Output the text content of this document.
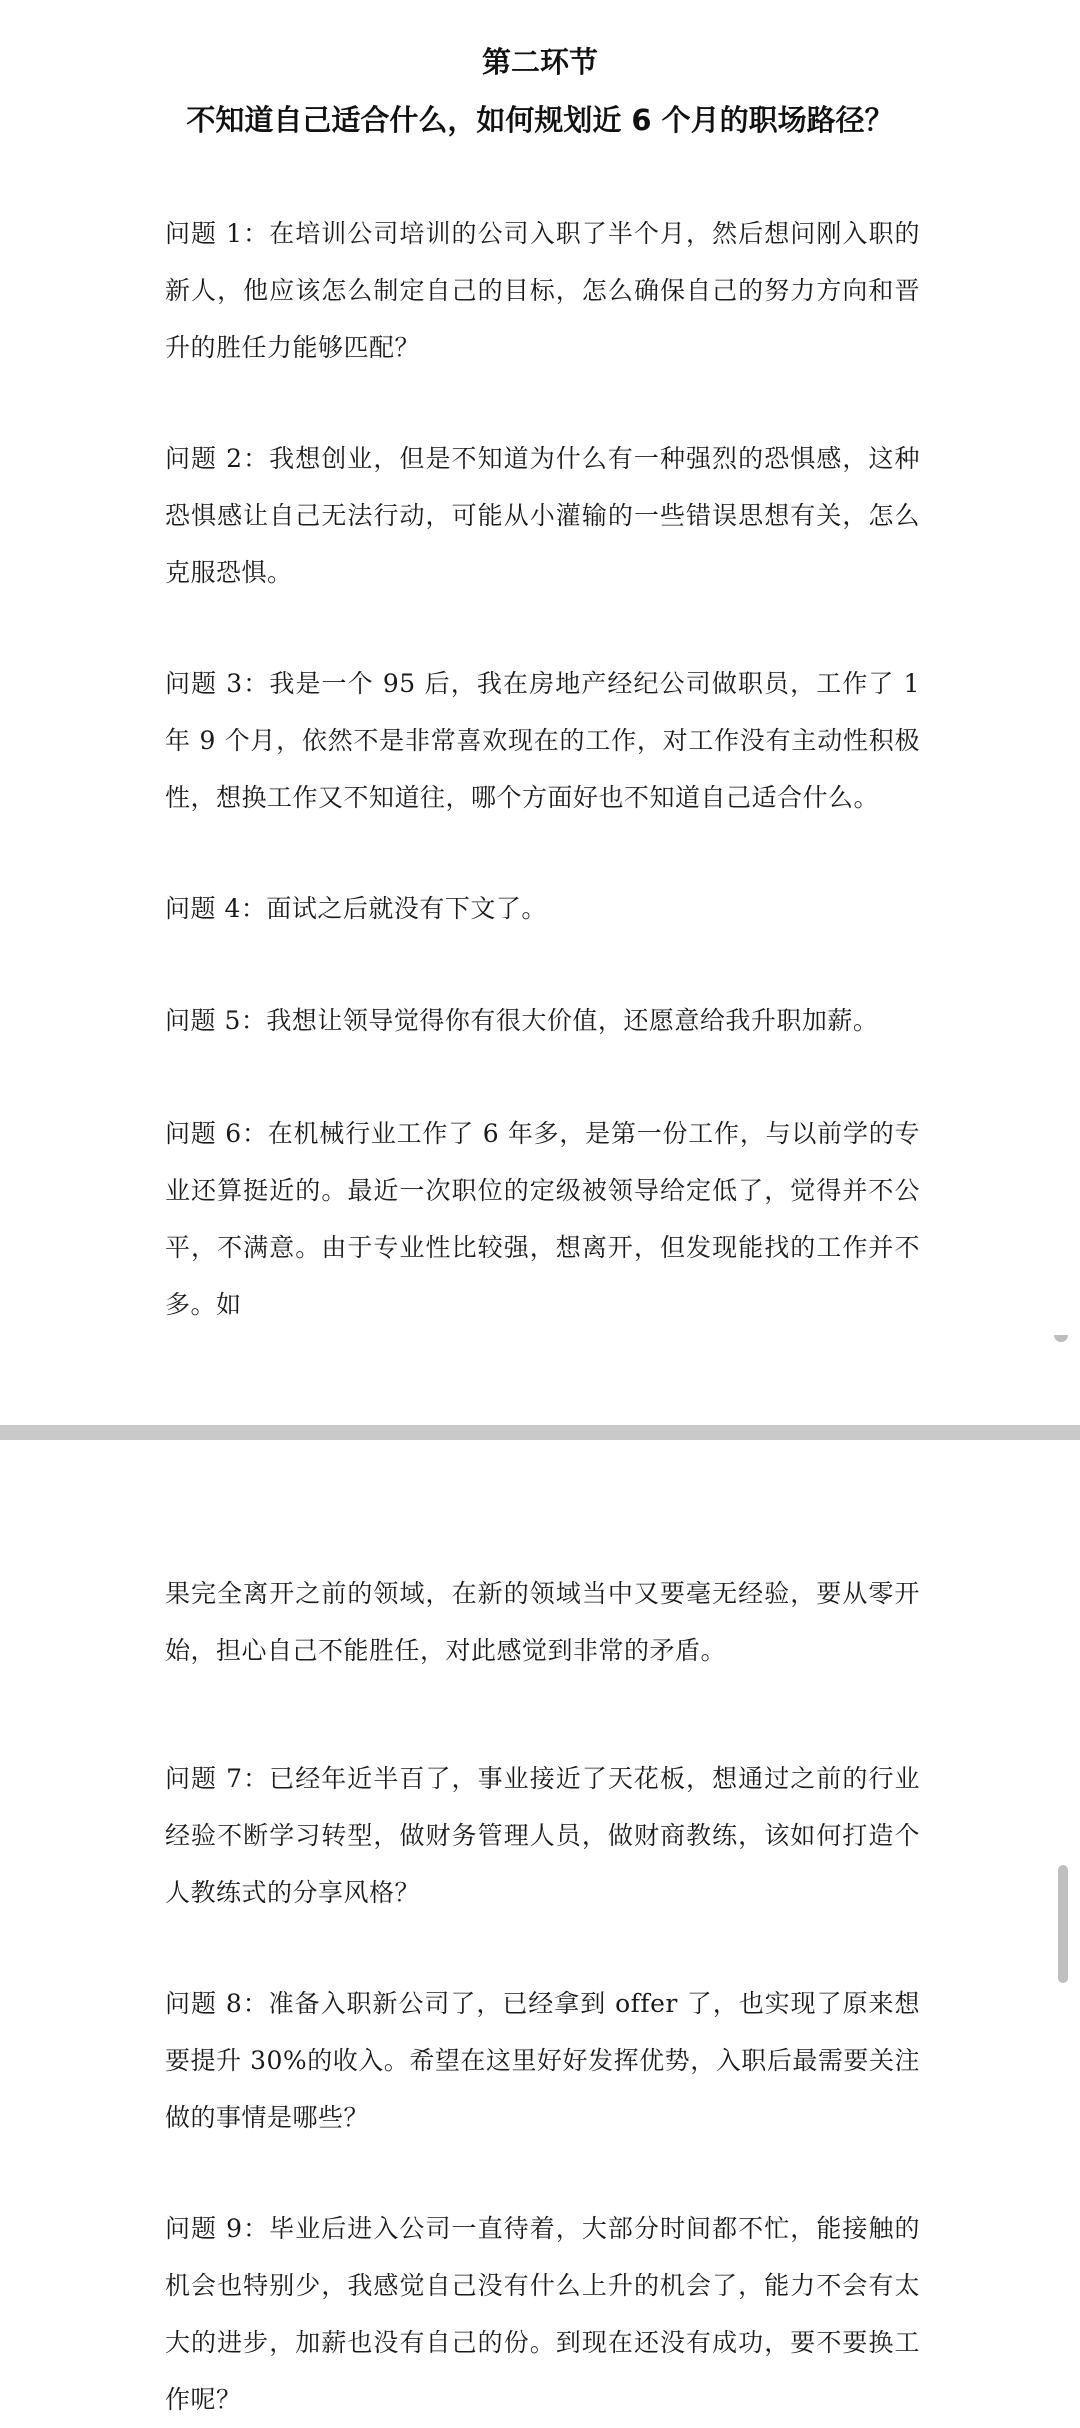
第二环节
不知道自己适合什么，如何规划近 6 个月的职场路径？

问题 1：在培训公司培训的公司入职了半个月，然后想问刚入职的新人，他应该怎么制定自己的目标，怎么确保自己的努力方向和晋升的胜任力能够匹配？

问题 2：我想创业，但是不知道为什么有一种强烈的恐惧感，这种恐惧感让自己无法行动，可能从小灌输的一些错误思想有关，怎么克服恐惧。

问题 3：我是一个 95 后，我在房地产经纪公司做职员，工作了 1 年 9 个月，依然不是非常喜欢现在的工作，对工作没有主动性积极性，想换工作又不知道往，哪个方面好也不知道自己适合什么。

问题 4：面试之后就没有下文了。

问题 5：我想让领导觉得你有很大价值，还愿意给我升职加薪。

问题 6：在机械行业工作了 6 年多，是第一份工作，与以前学的专业还算挺近的。最近一次职位的定级被领导给定低了，觉得并不公平，不满意。由于专业性比较强，想离开，但发现能找的工作并不多。如

果完全离开之前的领域，在新的领域当中又要毫无经验，要从零开始，担心自己不能胜任，对此感觉到非常的矛盾。

问题 7：已经年近半百了，事业接近了天花板，想通过之前的行业经验不断学习转型，做财务管理人员，做财商教练，该如何打造个人教练式的分享风格？

问题 8：准备入职新公司了，已经拿到 offer 了，也实现了原来想要提升 30%的收入。希望在这里好好发挥优势，入职后最需要关注做的事情是哪些？

问题 9：毕业后进入公司一直待着，大部分时间都不忙，能接触的机会也特别少，我感觉自己没有什么上升的机会了，能力不会有太大的进步，加薪也没有自己的份。到现在还没有成功，要不要换工作呢？
